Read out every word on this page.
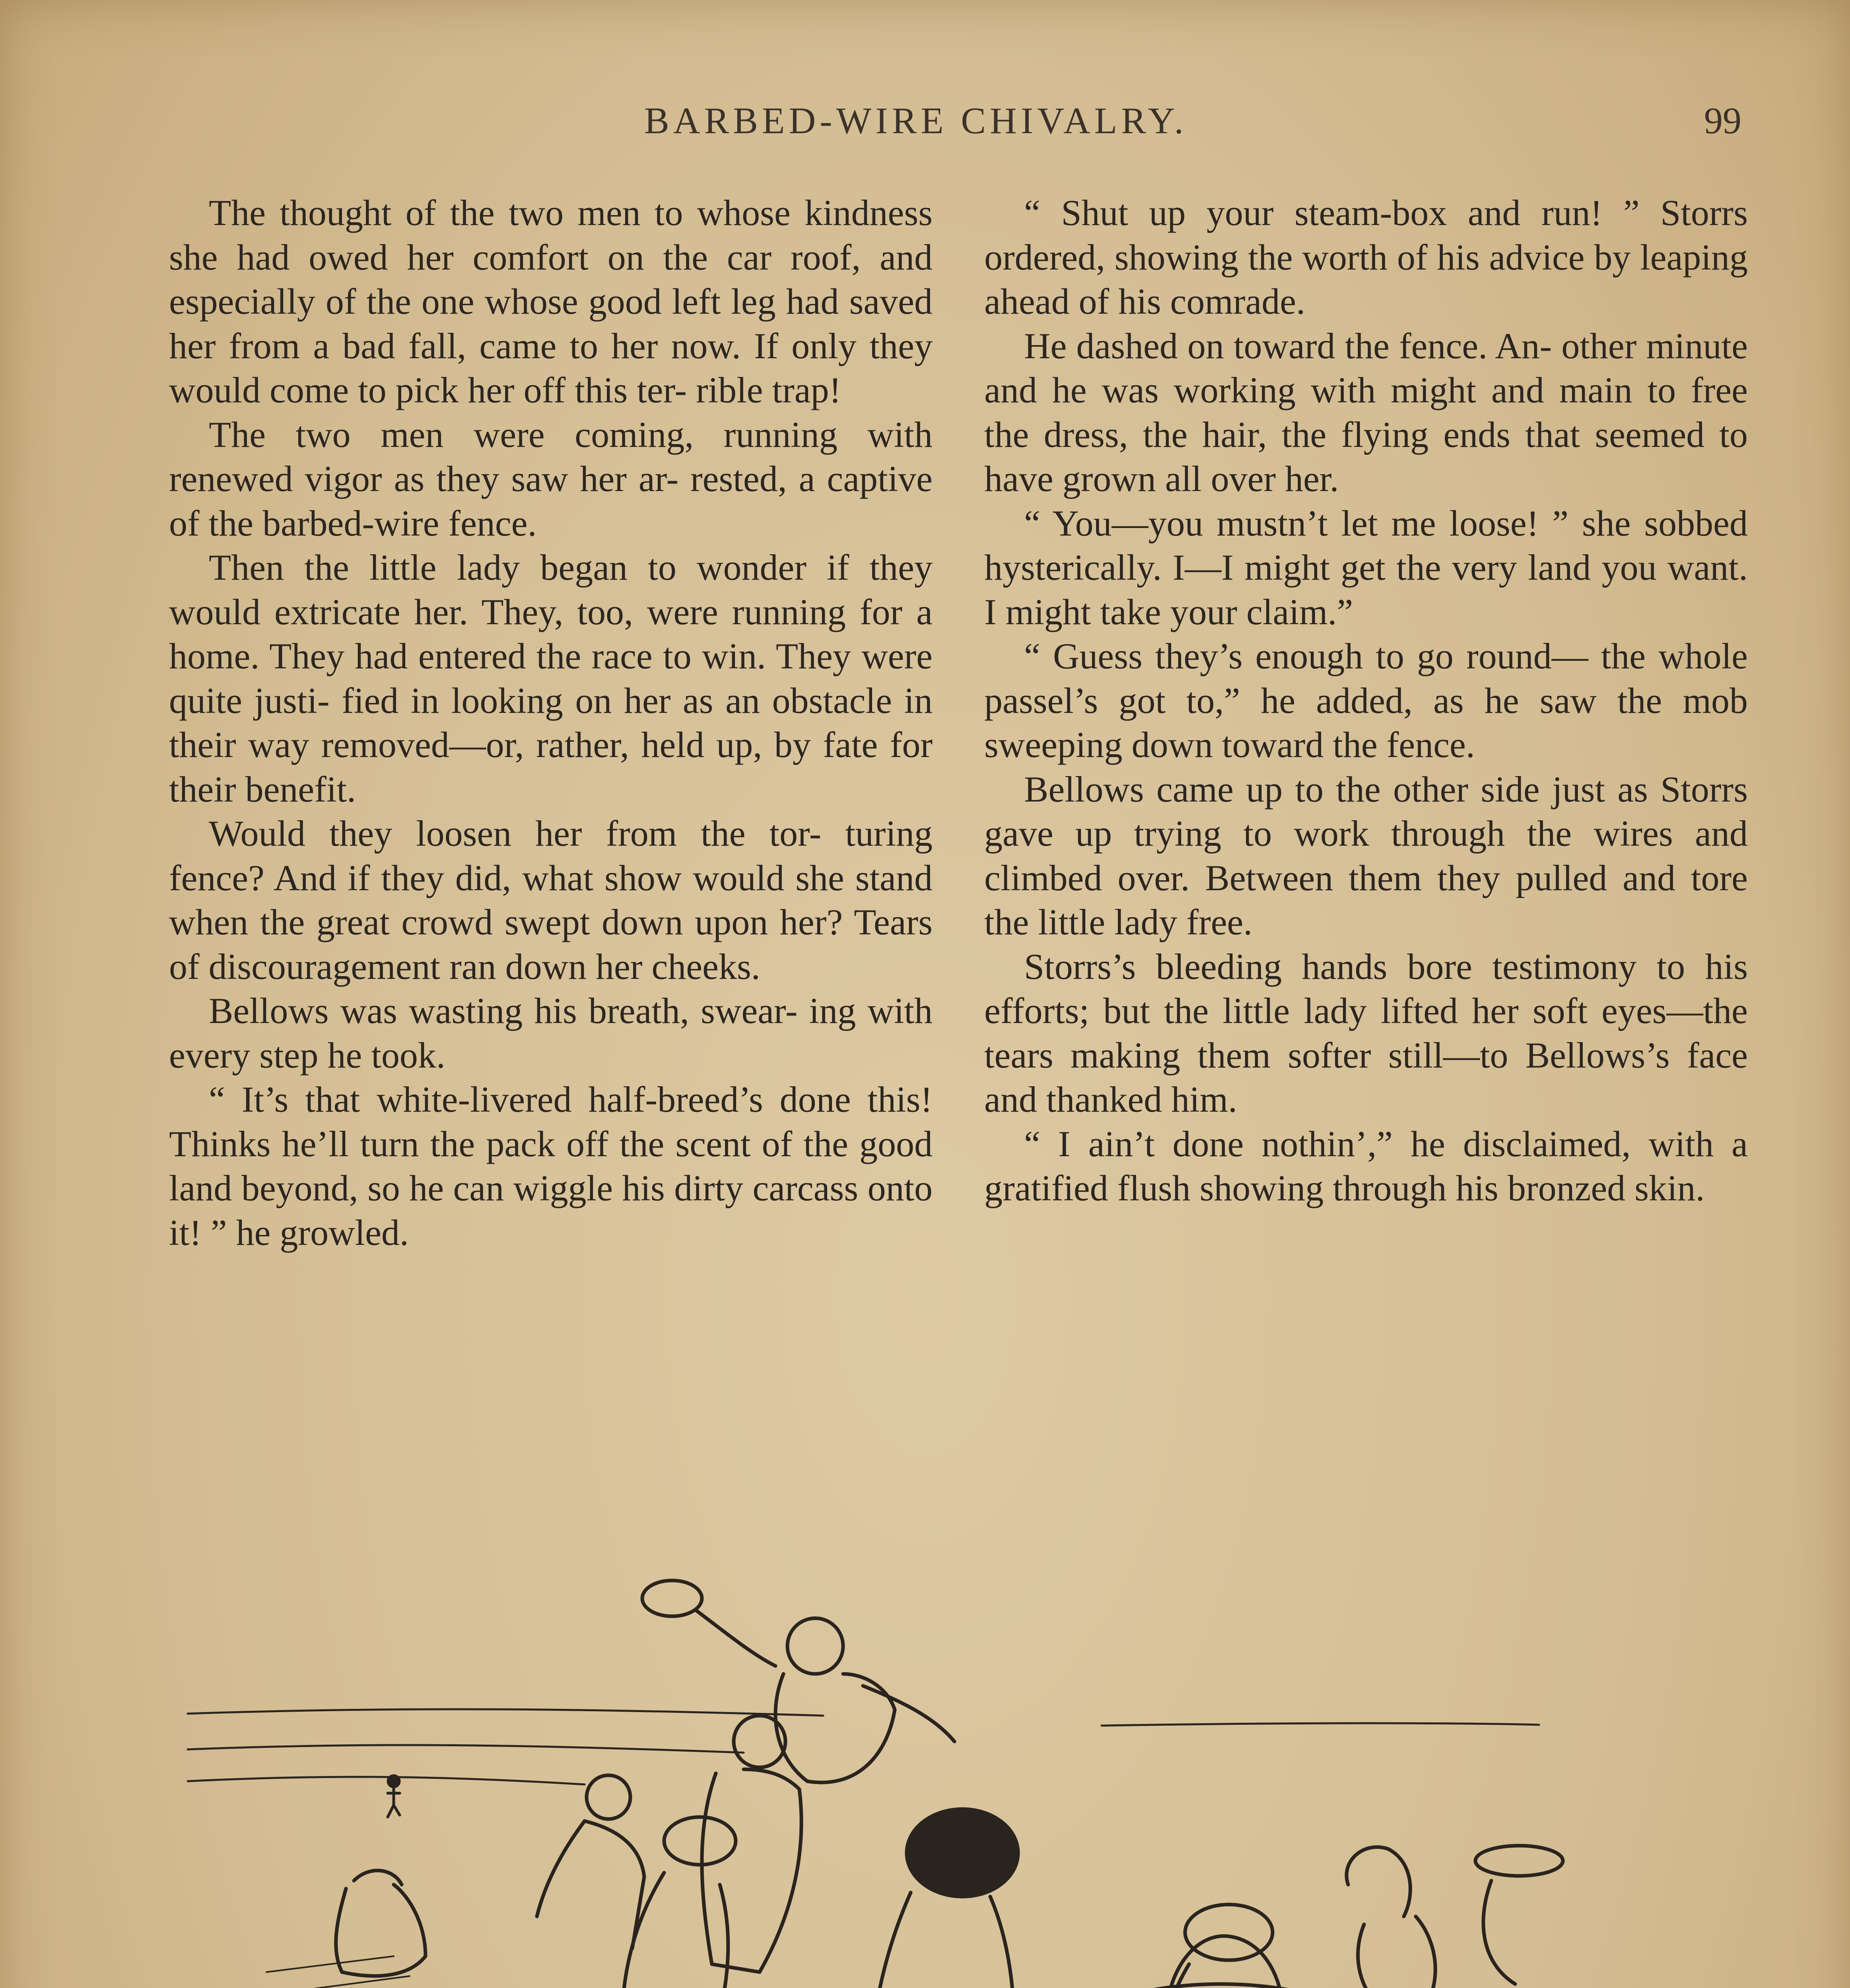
BARBED-WIRE CHIVALRY.	99

The thought of the two men to whose kindness she had owed her comfort on the car roof, and especially of the one whose good left leg had saved her from a bad fall, came to her now. If only they would come to pick her off this ter- rible trap!

The two men were coming, running with renewed vigor as they saw her ar- rested, a captive of the barbed-wire fence.

Then the little lady began to wonder if they would extricate her. They, too, were running for a home. They had entered the race to win. They were quite justi- fied in looking on her as an obstacle in their way removed—or, rather, held up, by fate for their benefit.

Would they loosen her from the tor- turing fence? And if they did, what show would she stand when the great crowd swept down upon her? Tears of discouragement ran down her cheeks.

Bellows was wasting his breath, swear- ing with every step he took.

“ It’s that white-livered half-breed’s done this! Thinks he’ll turn the pack off the scent of the good land beyond, so he can wiggle his dirty carcass onto it! ” he growled.

“ Shut up your steam-box and run! ” Storrs ordered, showing the worth of his advice by leaping ahead of his comrade.

He dashed on toward the fence. An- other minute and he was working with might and main to free the dress, the hair, the flying ends that seemed to have grown all over her.

“ You—you mustn’t let me loose! ” she sobbed hysterically. I—I might get the very land you want. I might take your claim.”

“ Guess they’s enough to go round— the whole passel’s got to,” he added, as he saw the mob sweeping down toward the fence.

Bellows came up to the other side just as Storrs gave up trying to work through the wires and climbed over. Between them they pulled and tore the little lady free.

Storrs’s bleeding hands bore testimony to his efforts; but the little lady lifted her soft eyes—the tears making them softer still—to Bellows’s face and thanked him.

“ I ain’t done nothin’,” he disclaimed, with a gratified flush showing through his bronzed skin.
